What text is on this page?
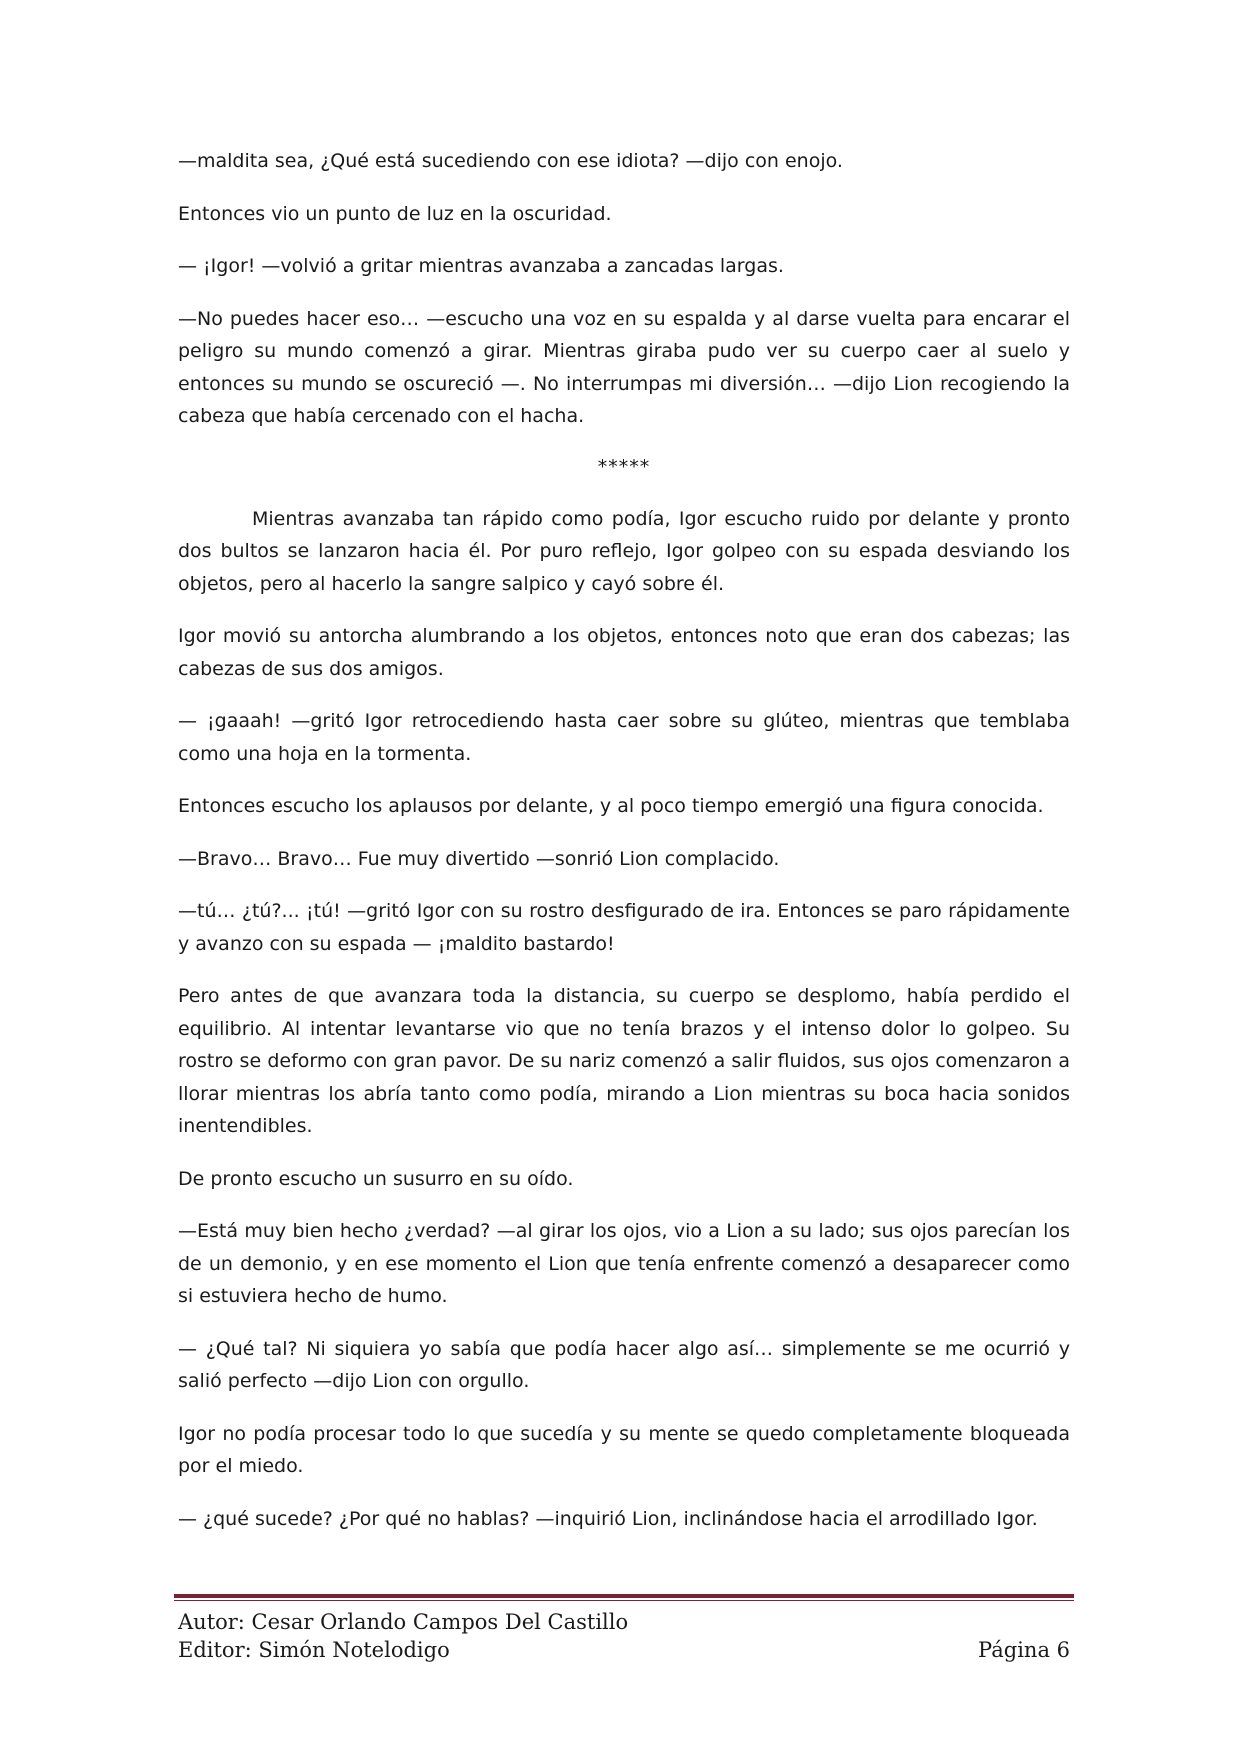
—maldita sea, ¿Qué está sucediendo con ese idiota? —dijo con enojo.

Entonces vio un punto de luz en la oscuridad.

— ¡Igor! —volvió a gritar mientras avanzaba a zancadas largas.

—No puedes hacer eso… —escucho una voz en su espalda y al darse vuelta para encarar el peligro su mundo comenzó a girar. Mientras giraba pudo ver su cuerpo caer al suelo y entonces su mundo se oscureció —. No interrumpas mi diversión… —dijo Lion recogiendo la cabeza que había cercenado con el hacha.

*****

Mientras avanzaba tan rápido como podía, Igor escucho ruido por delante y pronto dos bultos se lanzaron hacia él. Por puro reflejo, Igor golpeo con su espada desviando los objetos, pero al hacerlo la sangre salpico y cayó sobre él.

Igor movió su antorcha alumbrando a los objetos, entonces noto que eran dos cabezas; las cabezas de sus dos amigos.

— ¡gaaah! —gritó Igor retrocediendo hasta caer sobre su glúteo, mientras que temblaba como una hoja en la tormenta.

Entonces escucho los aplausos por delante, y al poco tiempo emergió una figura conocida.

—Bravo… Bravo… Fue muy divertido —sonrió Lion complacido.

—tú… ¿tú?... ¡tú! —gritó Igor con su rostro desfigurado de ira. Entonces se paro rápidamente y avanzo con su espada — ¡maldito bastardo!

Pero antes de que avanzara toda la distancia, su cuerpo se desplomo, había perdido el equilibrio. Al intentar levantarse vio que no tenía brazos y el intenso dolor lo golpeo. Su rostro se deformo con gran pavor. De su nariz comenzó a salir fluidos, sus ojos comenzaron a llorar mientras los abría tanto como podía, mirando a Lion mientras su boca hacia sonidos inentendibles.

De pronto escucho un susurro en su oído.

—Está muy bien hecho ¿verdad? —al girar los ojos, vio a Lion a su lado; sus ojos parecían los de un demonio, y en ese momento el Lion que tenía enfrente comenzó a desaparecer como si estuviera hecho de humo.

— ¿Qué tal? Ni siquiera yo sabía que podía hacer algo así… simplemente se me ocurrió y salió perfecto —dijo Lion con orgullo.

Igor no podía procesar todo lo que sucedía y su mente se quedo completamente bloqueada por el miedo.

— ¿qué sucede? ¿Por qué no hablas? —inquirió Lion, inclinándose hacia el arrodillado Igor.

Autor: Cesar Orlando Campos Del Castillo
Editor: Simón Notelodigo	Página 6
